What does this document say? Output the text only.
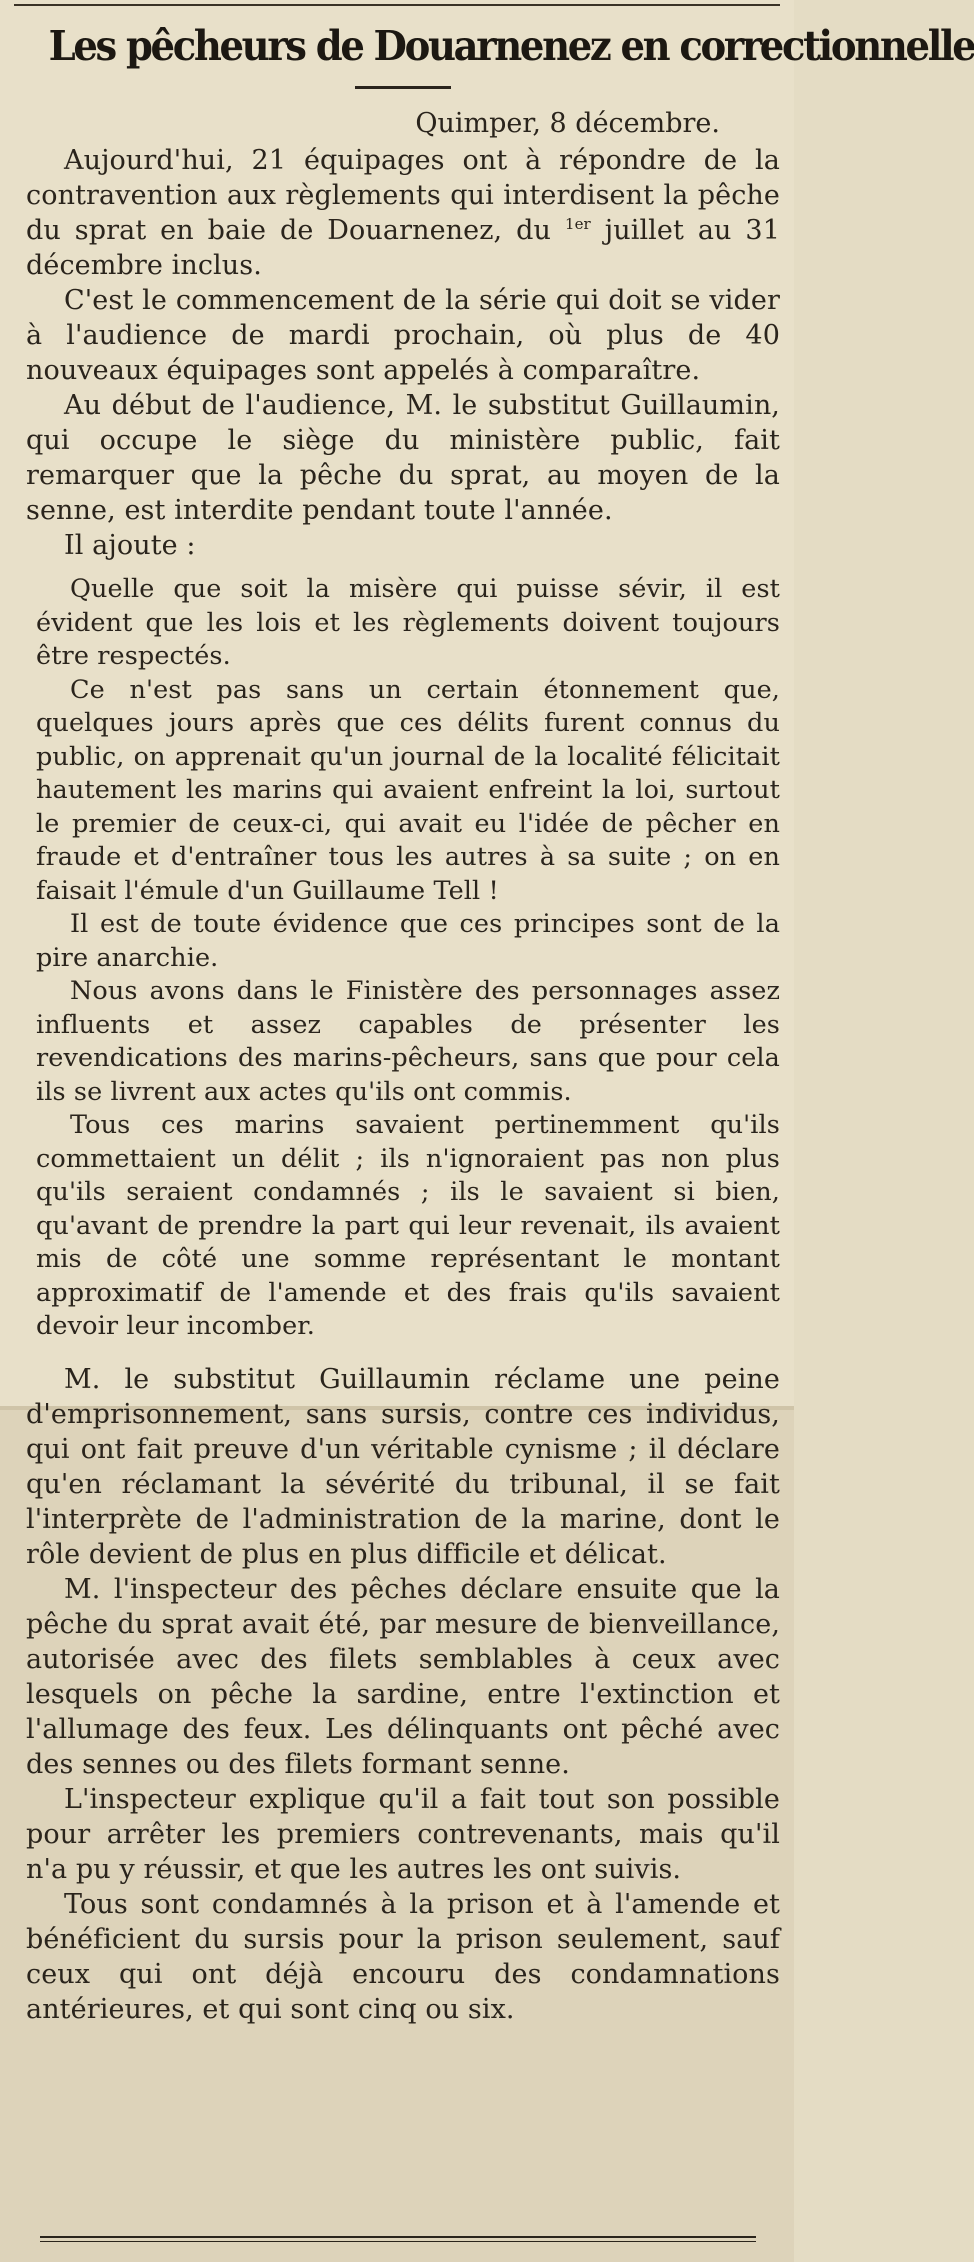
Les pêcheurs de Douarnenez en correctionnelle
Quimper, 8 décembre.

Aujourd'hui, 21 équipages ont à répondre de la contravention aux règlements qui interdisent la pêche du sprat en baie de Douarnenez, du $^{1er}$ juillet au 31 décembre inclus.

C'est le commencement de la série qui doit se vider à l'audience de mardi prochain, où plus de 40 nouveaux équipages sont appelés à comparaître.

Au début de l'audience, M. le substitut Guillaumin, qui occupe le siège du ministère public, fait remarquer que la pêche du sprat, au moyen de la senne, est interdite pendant toute l'année.

Il ajoute :

Quelle que soit la misère qui puisse sévir, il est évident que les lois et les règlements doivent toujours être respectés.

Ce n'est pas sans un certain étonnement que, quelques jours après que ces délits furent connus du public, on apprenait qu'un journal de la localité félicitait hautement les marins qui avaient enfreint la loi, surtout le premier de ceux-ci, qui avait eu l'idée de pêcher en fraude et d'entraîner tous les autres à sa suite ; on en faisait l'émule d'un Guillaume Tell !

Il est de toute évidence que ces principes sont de la pire anarchie.

Nous avons dans le Finistère des personnages assez influents et assez capables de présenter les revendications des marins-pêcheurs, sans que pour cela ils se livrent aux actes qu'ils ont commis.

Tous ces marins savaient pertinemment qu'ils commettaient un délit ; ils n'ignoraient pas non plus qu'ils seraient condamnés ; ils le savaient si bien, qu'avant de prendre la part qui leur revenait, ils avaient mis de côté une somme représentant le montant approximatif de l'amende et des frais qu'ils savaient devoir leur incomber.

M. le substitut Guillaumin réclame une peine d'emprisonnement, sans sursis, contre ces individus, qui ont fait preuve d'un véritable cynisme ; il déclare qu'en réclamant la sévérité du tribunal, il se fait l'interprète de l'administration de la marine, dont le rôle devient de plus en plus difficile et délicat.

M. l'inspecteur des pêches déclare ensuite que la pêche du sprat avait été, par mesure de bienveillance, autorisée avec des filets semblables à ceux avec lesquels on pêche la sardine, entre l'extinction et l'allumage des feux. Les délinquants ont pêché avec des sennes ou des filets formant senne.

L'inspecteur explique qu'il a fait tout son possible pour arrêter les premiers contrevenants, mais qu'il n'a pu y réussir, et que les autres les ont suivis.

Tous sont condamnés à la prison et à l'amende et bénéficient du sursis pour la prison seulement, sauf ceux qui ont déjà encouru des condamnations antérieures, et qui sont cinq ou six.
